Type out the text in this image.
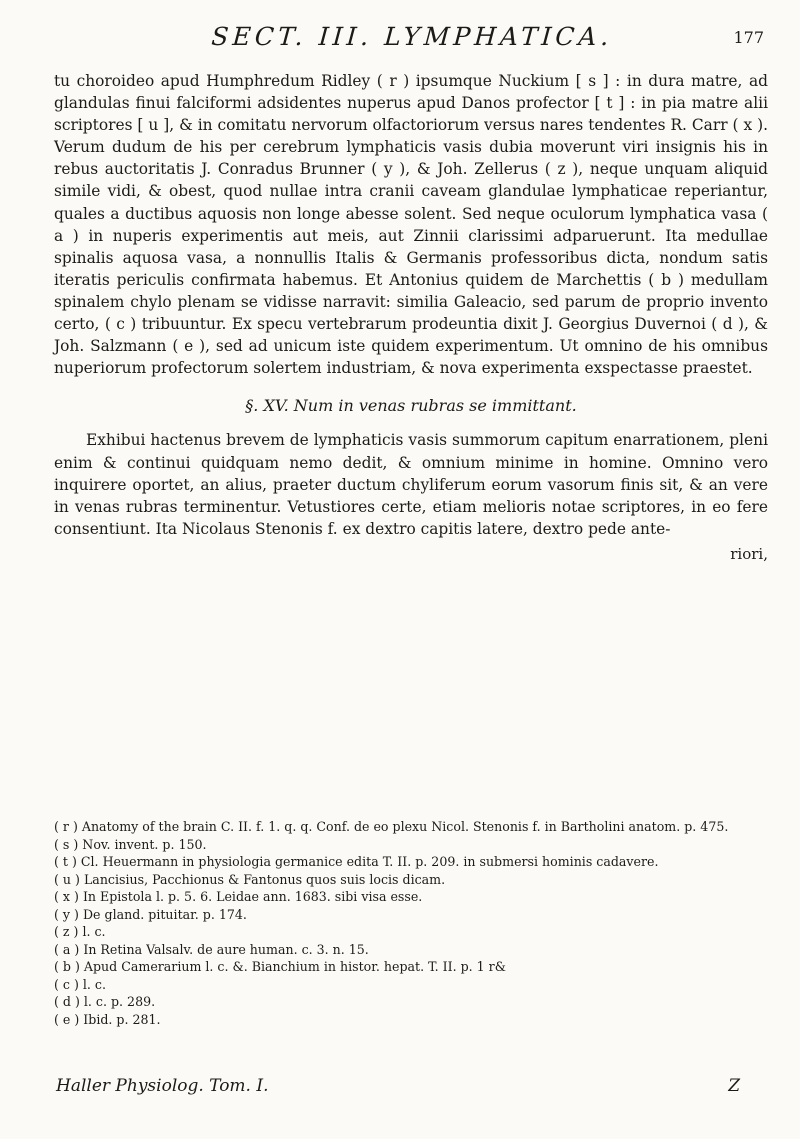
SECT. III. LYMPHATICA.	177

tu choroideo apud Humphredum Ridley ( r ) ipsumque Nuckium [ s ] : in dura matre, ad glandulas finui falciformi adsidentes nuperus apud Danos profector [ t ] : in pia matre alii scriptores [ u ], & in comitatu nervorum olfactoriorum versus nares tendentes R. Carr ( x ). Verum dudum de his per cerebrum lymphaticis vasis dubia moverunt viri insignis his in rebus auctoritatis J. Conradus Brunner ( y ), & Joh. Zellerus ( z ), neque unquam aliquid simile vidi, & obest, quod nullae intra cranii caveam glandulae lymphaticae reperiantur, quales a ductibus aquosis non longe abesse solent. Sed neque oculorum lymphatica vasa ( a ) in nuperis experimentis aut meis, aut Zinnii clarissimi adparuerunt. Ita medullae spinalis aquosa vasa, a nonnullis Italis & Germanis professoribus dicta, nondum satis iteratis periculis confirmata habemus. Et Antonius quidem de Marchettis ( b ) medullam spinalem chylo plenam se vidisse narravit: similia Galeacio, sed parum de proprio invento certo, ( c ) tribuuntur. Ex specu vertebrarum prodeuntia dixit J. Georgius Duvernoi ( d ), & Joh. Salzmann ( e ), sed ad unicum iste quidem experimentum. Ut omnino de his omnibus nuperiorum profectorum solertem industriam, & nova experimenta exspectasse praestet.

§. XV. Num in venas rubras se immittant.

Exhibui hactenus brevem de lymphaticis vasis summorum capitum enarrationem, pleni enim & continui quidquam nemo dedit, & omnium minime in homine. Omnino vero inquirere oportet, an alius, praeter ductum chyliferum eorum vasorum finis sit, & an vere in venas rubras terminentur. Vetustiores certe, etiam melioris notae scriptores, in eo fere consentiunt. Ita Nicolaus Stenonis f. ex dextro capitis latere, dextro pede ante-

riori,

( r ) Anatomy of the brain C. II. f. 1. q. q. Conf. de eo plexu Nicol. Stenonis f. in Bartholini anatom. p. 475.

( s ) Nov. invent. p. 150.

( t ) Cl. Heuermann in physiologia germanice edita T. II. p. 209. in submersi hominis cadavere.

( u ) Lancisius, Pacchionus & Fantonus quos suis locis dicam.

( x ) In Epistola l. p. 5. 6. Leidae ann. 1683. sibi visa esse.

( y ) De gland. pituitar. p. 174.

( z ) l. c.

( a ) In Retina Valsalv. de aure human. c. 3. n. 15.

( b ) Apud Camerarium l. c. &. Bianchium in histor. hepat. T. II. p. 1 r&

( c ) l. c.

( d ) l. c. p. 289.

( e ) Ibid. p. 281.

Haller Physiolog. Tom. I.	Z
